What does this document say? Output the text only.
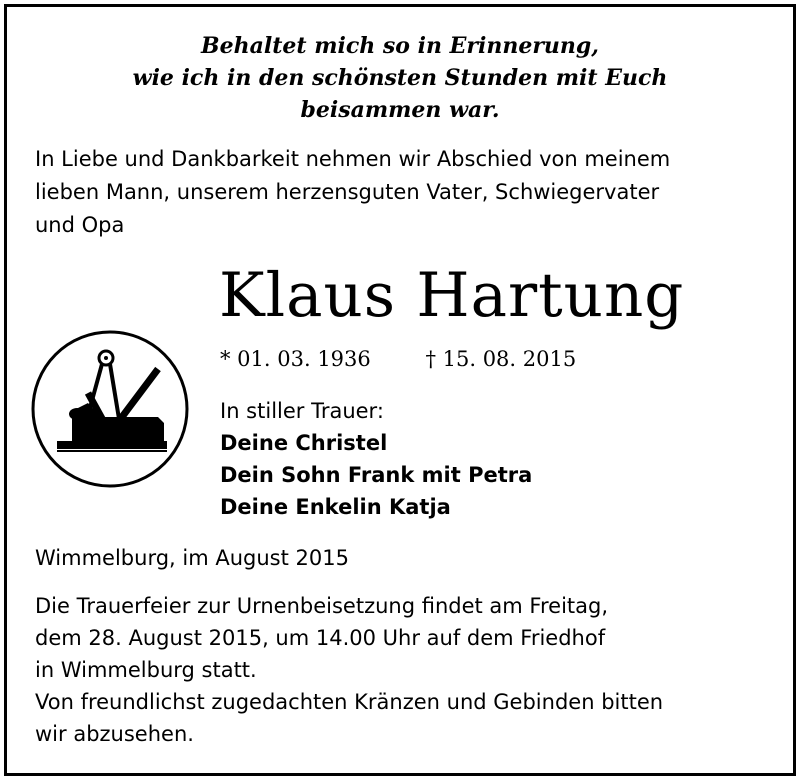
Behaltet mich so in Erinnerung,
wie ich in den schönsten Stunden mit Euch
beisammen war.
In Liebe und Dankbarkeit nehmen wir Abschied von meinem
lieben Mann, unserem herzensguten Vater, Schwiegervater
und Opa
Klaus Hartung
* 01. 03. 1936	† 15. 08. 2015
In stiller Trauer:
Deine Christel
Dein Sohn Frank mit Petra
Deine Enkelin Katja
Wimmelburg, im August 2015
Die Trauerfeier zur Urnenbeisetzung findet am Freitag,
dem 28. August 2015, um 14.00 Uhr auf dem Friedhof
in Wimmelburg statt.
Von freundlichst zugedachten Kränzen und Gebinden bitten
wir abzusehen.
